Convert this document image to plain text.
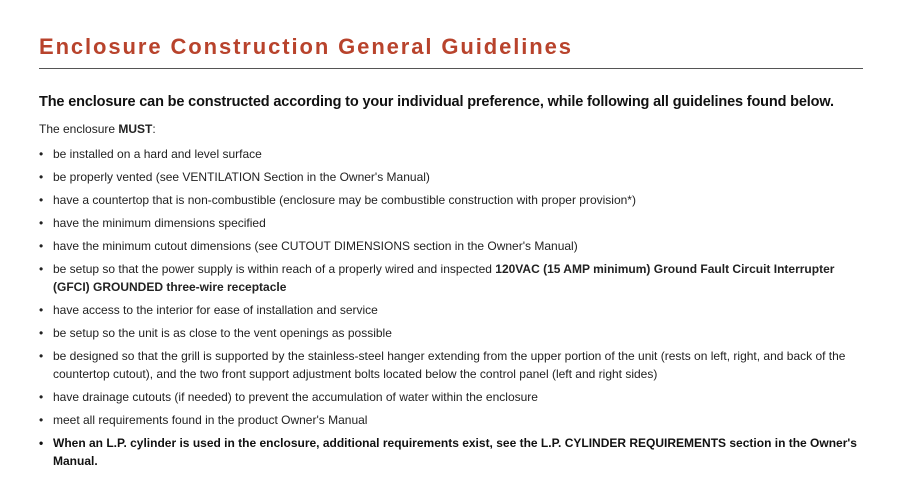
Enclosure Construction General Guidelines

The enclosure can be constructed according to your individual preference, while following all guidelines found below.

The enclosure MUST:

• be installed on a hard and level surface
• be properly vented (see VENTILATION Section in the Owner's Manual)
• have a countertop that is non-combustible (enclosure may be combustible construction with proper provision*)
• have the minimum dimensions specified
• have the minimum cutout dimensions (see CUTOUT DIMENSIONS section in the Owner's Manual)
• be setup so that the power supply is within reach of a properly wired and inspected 120VAC (15 AMP minimum) Ground Fault Circuit Interrupter (GFCI) GROUNDED three-wire receptacle
• have access to the interior for ease of installation and service
• be setup so the unit is as close to the vent openings as possible
• be designed so that the grill is supported by the stainless-steel hanger extending from the upper portion of the unit (rests on left, right, and back of the countertop cutout), and the two front support adjustment bolts located below the control panel (left and right sides)
• have drainage cutouts (if needed) to prevent the accumulation of water within the enclosure
• meet all requirements found in the product Owner's Manual
• When an L.P. cylinder is used in the enclosure, additional requirements exist, see the L.P. CYLINDER REQUIREMENTS section in the Owner's Manual.
